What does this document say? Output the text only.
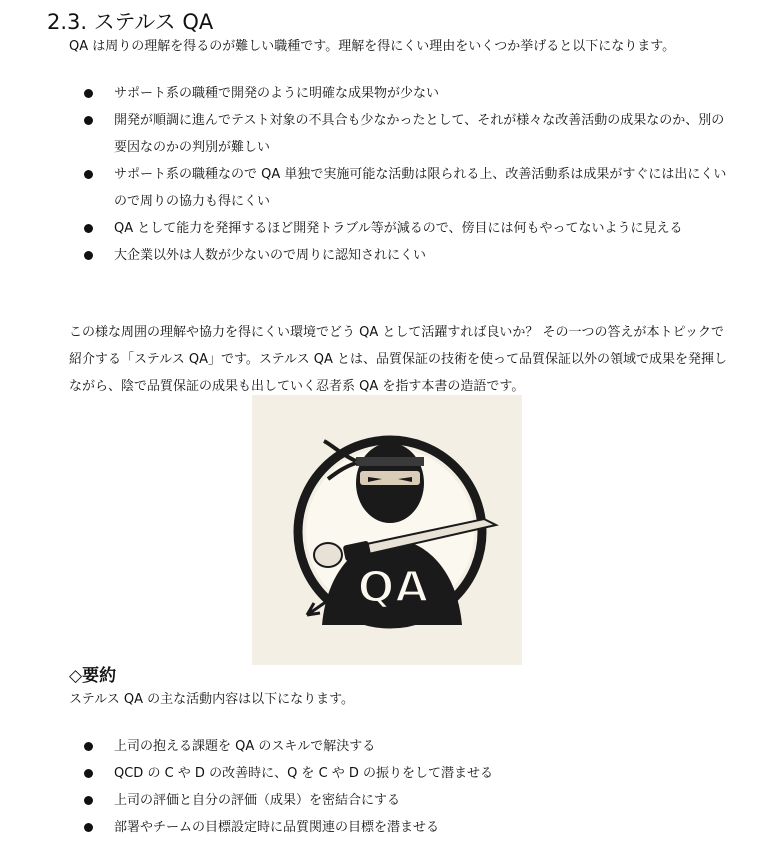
2.3. ステルス QA

QA は周りの理解を得るのが難しい職種です。理解を得にくい理由をいくつか挙げると以下になります。

サポート系の職種で開発のように明確な成果物が少ない
開発が順調に進んでテスト対象の不具合も少なかったとして、それが様々な改善活動の成果なのか、別の要因なのかの判別が難しい
サポート系の職種なので QA 単独で実施可能な活動は限られる上、改善活動系は成果がすぐには出にくいので周りの協力も得にくい
QA として能力を発揮するほど開発トラブル等が減るので、傍目には何もやってないように見える
大企業以外は人数が少ないので周りに認知されにくい

この様な周囲の理解や協力を得にくい環境でどう QA として活躍すれば良いか？ その一つの答えが本トピックで紹介する「ステルス QA」です。ステルス QA とは、品質保証の技術を使って品質保証以外の領域で成果を発揮しながら、陰で品質保証の成果も出していく忍者系 QA を指す本書の造語です。

QA
◇要約

ステルス QA の主な活動内容は以下になります。

上司の抱える課題を QA のスキルで解決する
QCD の C や D の改善時に、Q を C や D の振りをして潜ませる
上司の評価と自分の評価（成果）を密結合にする
部署やチームの目標設定時に品質関連の目標を潜ませる
